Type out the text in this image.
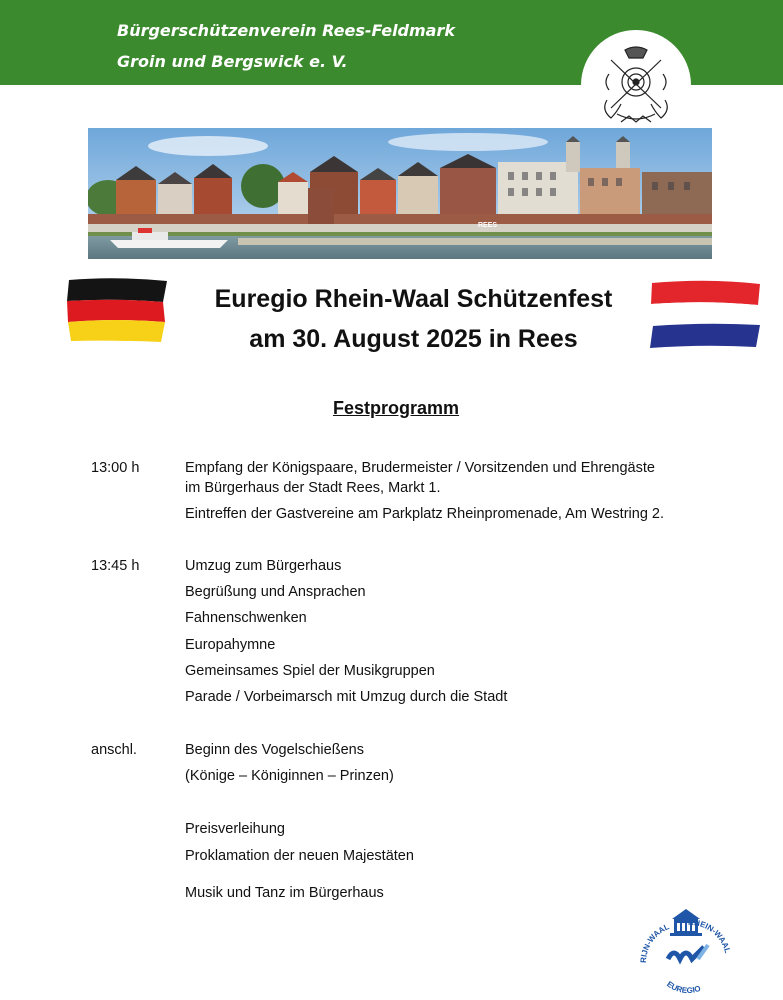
Bürgerschützenverein Rees-Feldmark
Groin und Bergswick e. V.
REES
Euregio Rhein-Waal Schützenfest
am 30. August 2025 in Rees
Festprogramm
13:00 h	Empfang der Königspaare, Brudermeister / Vorsitzenden und Ehrengäste
im Bürgerhaus der Stadt Rees, Markt 1.
Eintreffen der Gastvereine am Parkplatz Rheinpromenade, Am Westring 2.
13:45 h	Umzug zum Bürgerhaus
Begrüßung und Ansprachen
Fahnenschwenken
Europahymne
Gemeinsames Spiel der Musikgruppen
Parade / Vorbeimarsch mit Umzug durch die Stadt
anschl.	Beginn des Vogelschießens
(Könige – Königinnen – Prinzen)
Preisverleihung
Proklamation der neuen Majestäten
Musik und Tanz im Bürgerhaus
RHEIN-WAAL
RIJN-WAAL
EUREGIO
